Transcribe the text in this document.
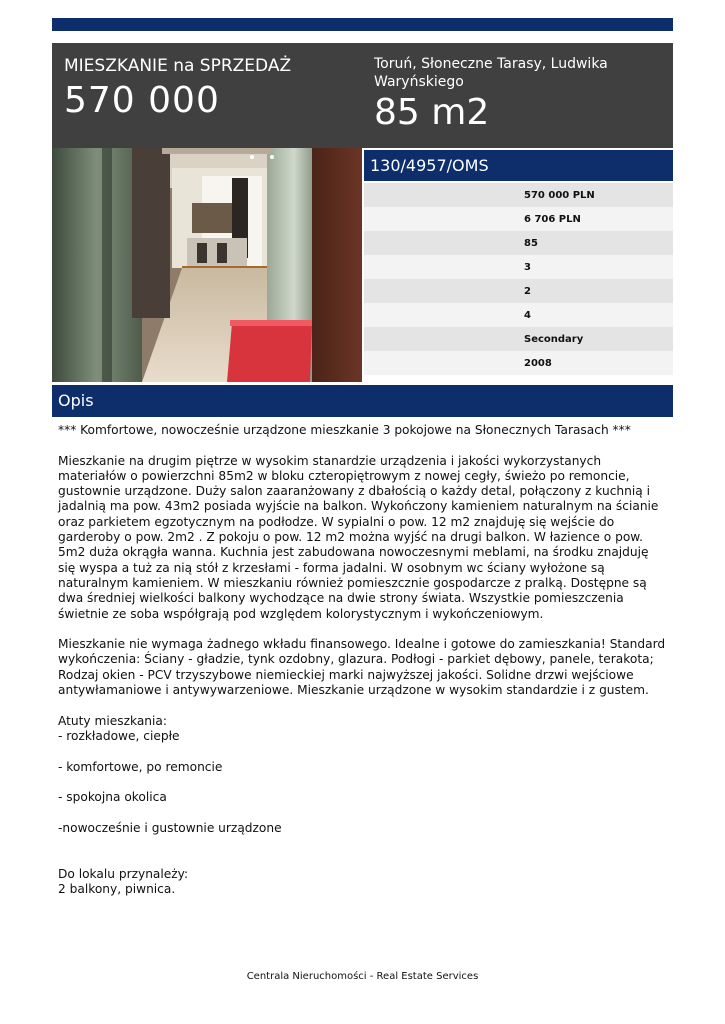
MIESZKANIE na SPRZEDAŻ
570 000
Toruń, Słoneczne Tarasy, Ludwika Waryńskiego
85 m2
130/4957/OMS
570 000 PLN
6 706 PLN
85
3
2
4
Secondary
2008
Opis

*** Komfortowe, nowocześnie urządzone mieszkanie 3 pokojowe na Słonecznych Tarasach ***

Mieszkanie na drugim piętrze w wysokim stanardzie urządzenia i jakości wykorzystanych materiałów o powierzchni 85m2 w bloku czteropiętrowym z nowej cegły, świeżo po remoncie, gustownie urządzone. Duży salon zaaranżowany z dbałością o każdy detal, połączony z kuchnią i jadalnią ma pow. 43m2 posiada wyjście na balkon. Wykończony kamieniem naturalnym na ścianie oraz parkietem egzotycznym na podłodze. W sypialni o pow. 12 m2 znajduję się wejście do garderoby o pow. 2m2 . Z pokoju o pow. 12 m2 można wyjść na drugi balkon. W łazience o pow. 5m2 duża okrągła wanna. Kuchnia jest zabudowana nowoczesnymi meblami, na środku znajduję się wyspa a tuż za nią stół z krzesłami - forma jadalni. W osobnym wc ściany wyłożone są naturalnym kamieniem. W mieszkaniu również pomieszcznie gospodarcze z pralką. Dostępne są dwa średniej wielkości balkony wychodzące na dwie strony świata. Wszystkie pomieszczenia świetnie ze soba współgrają pod względem kolorystycznym i wykończeniowym.

Mieszkanie nie wymaga żadnego wkładu finansowego. Idealne i gotowe do zamieszkania! Standard wykończenia: Ściany - gładzie, tynk ozdobny, glazura. Podłogi - parkiet dębowy, panele, terakota; Rodzaj okien - PCV trzyszybowe niemieckiej marki najwyższej jakości. Solidne drzwi wejściowe antywłamaniowe i antywywarzeniowe. Mieszkanie urządzone w wysokim standardzie i z gustem.

Atuty mieszkania:

- rozkładowe, ciepłe

- komfortowe, po remoncie

- spokojna okolica

-nowocześnie i gustownie urządzone

Do lokalu przynależy:

2 balkony, piwnica.

Centrala Nieruchomości - Real Estate Services
